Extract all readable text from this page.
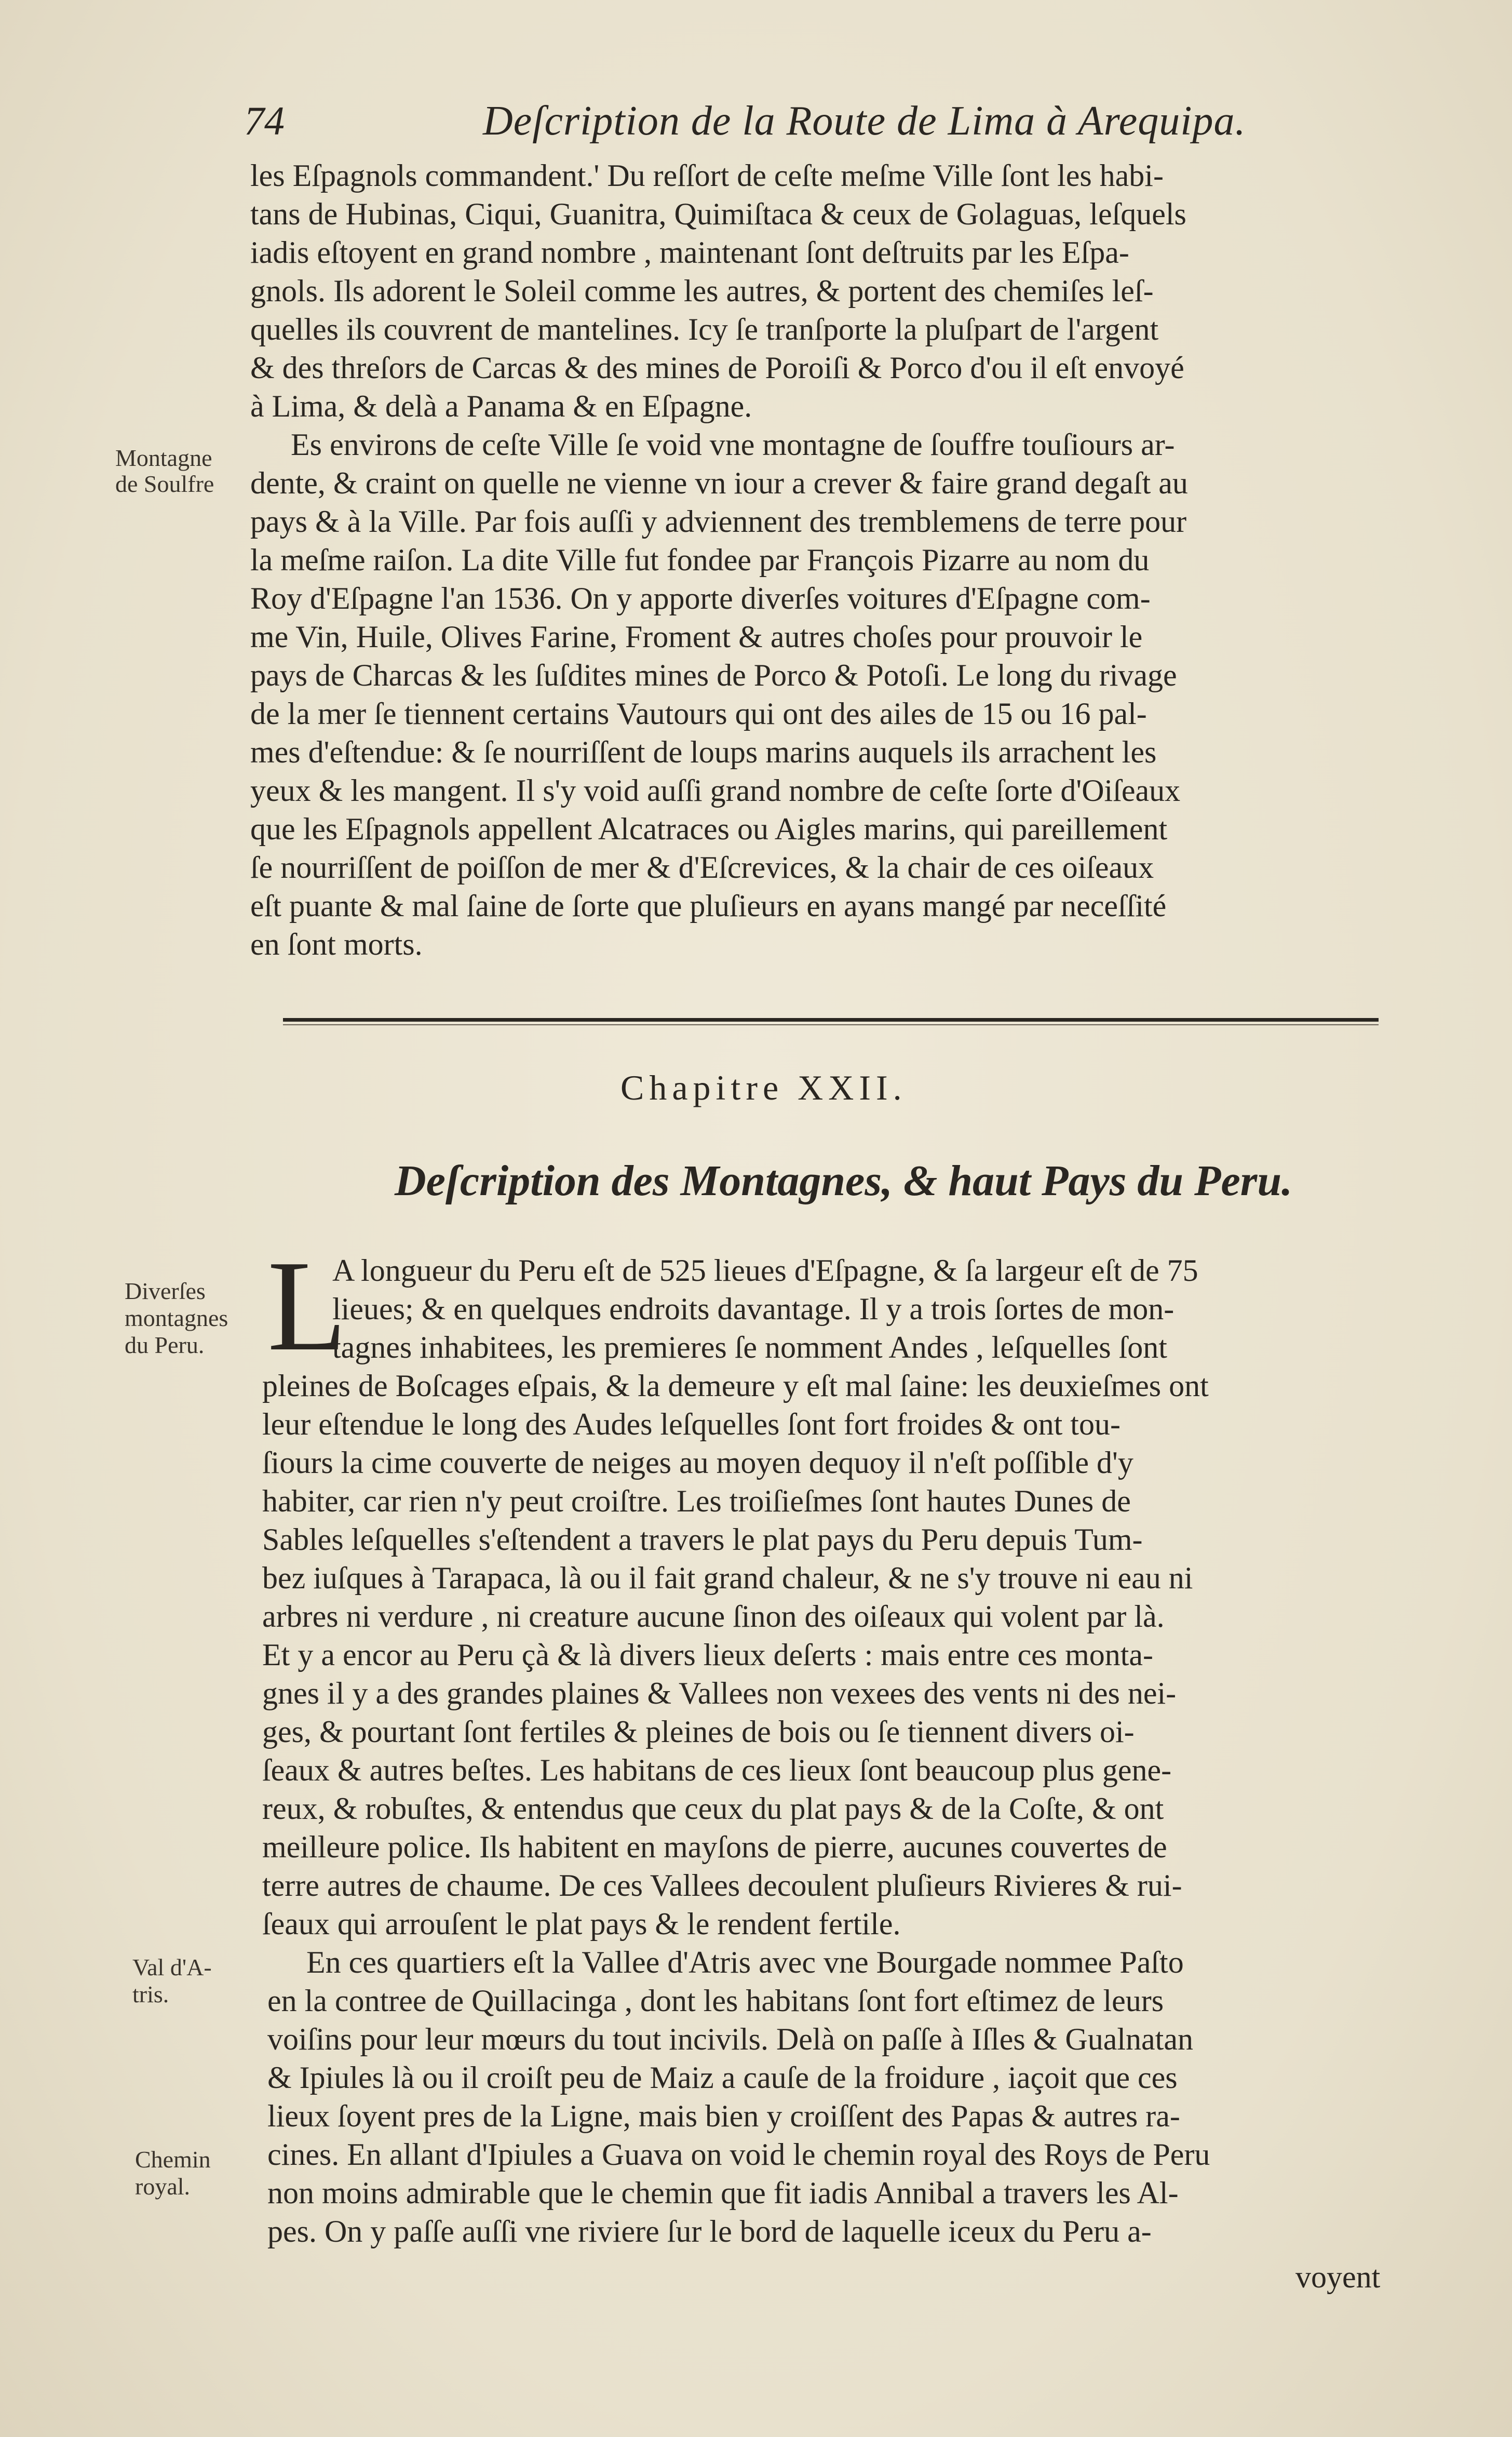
74	Deſcription de la Route de Lima à Arequipa.
les Eſpagnols commandent.' Du reſſort de ceſte meſme Ville ſont les habi-
tans de Hubinas, Ciqui, Guanitra, Quimiſtaca & ceux de Golaguas, leſquels
iadis eſtoyent en grand nombre , maintenant ſont deſtruits par les Eſpa-
gnols. Ils adorent le Soleil comme les autres, & portent des chemiſes leſ-
quelles ils couvrent de mantelines. Icy ſe tranſporte la pluſpart de l'argent
& des threſors de Carcas & des mines de Poroiſi & Porco d'ou il eſt envoyé
à Lima, & delà a Panama & en Eſpagne.
Es environs de ceſte Ville ſe void vne montagne de ſouffre touſiours ar-
dente, & craint on quelle ne vienne vn iour a crever & faire grand degaſt au
pays & à la Ville. Par fois auſſi y adviennent des tremblemens de terre pour
la meſme raiſon. La dite Ville fut fondee par François Pizarre au nom du
Roy d'Eſpagne l'an 1536. On y apporte diverſes voitures d'Eſpagne com-
me Vin, Huile, Olives Farine, Froment & autres choſes pour prouvoir le
pays de Charcas & les ſuſdites mines de Porco & Potoſi. Le long du rivage
de la mer ſe tiennent certains Vautours qui ont des ailes de 15 ou 16 pal-
mes d'eſtendue: & ſe nourriſſent de loups marins auquels ils arrachent les
yeux & les mangent. Il s'y void auſſi grand nombre de ceſte ſorte d'Oiſeaux
que les Eſpagnols appellent Alcatraces ou Aigles marins, qui pareillement
ſe nourriſſent de poiſſon de mer & d'Eſcrevices, & la chair de ces oiſeaux
eſt puante & mal ſaine de ſorte que pluſieurs en ayans mangé par neceſſité
en ſont morts.
Montagne
de Soulfre
Chapitre XXII.
Deſcription des Montagnes, & haut Pays du Peru.
L
A longueur du Peru eſt de 525 lieues d'Eſpagne, & ſa largeur eſt de 75
lieues; & en quelques endroits davantage. Il y a trois ſortes de mon-
tagnes inhabitees, les premieres ſe nomment Andes , leſquelles ſont
pleines de Boſcages eſpais, & la demeure y eſt mal ſaine: les deuxieſmes ont
leur eſtendue le long des Audes leſquelles ſont fort froides & ont tou-
ſiours la cime couverte de neiges au moyen dequoy il n'eſt poſſible d'y
habiter, car rien n'y peut croiſtre. Les troiſieſmes ſont hautes Dunes de
Sables leſquelles s'eſtendent a travers le plat pays du Peru depuis Tum-
bez iuſques à Tarapaca, là ou il fait grand chaleur, & ne s'y trouve ni eau ni
arbres ni verdure , ni creature aucune ſinon des oiſeaux qui volent par là.
Et y a encor au Peru çà & là divers lieux deſerts : mais entre ces monta-
gnes il y a des grandes plaines & Vallees non vexees des vents ni des nei-
ges, & pourtant ſont fertiles & pleines de bois ou ſe tiennent divers oi-
ſeaux & autres beſtes. Les habitans de ces lieux ſont beaucoup plus gene-
reux, & robuſtes, & entendus que ceux du plat pays & de la Coſte, & ont
meilleure police. Ils habitent en mayſons de pierre, aucunes couvertes de
terre autres de chaume. De ces Vallees decoulent pluſieurs Rivieres & rui-
ſeaux qui arrouſent le plat pays & le rendent fertile.
En ces quartiers eſt la Vallee d'Atris avec vne Bourgade nommee Paſto
en la contree de Quillacinga , dont les habitans ſont fort eſtimez de leurs
voiſins pour leur mœurs du tout incivils. Delà on paſſe à Iſles & Gualnatan
& Ipiules là ou il croiſt peu de Maiz a cauſe de la froidure , iaçoit que ces
lieux ſoyent pres de la Ligne, mais bien y croiſſent des Papas & autres ra-
cines. En allant d'Ipiules a Guava on void le chemin royal des Roys de Peru
non moins admirable que le chemin que fit iadis Annibal a travers les Al-
pes. On y paſſe auſſi vne riviere ſur le bord de laquelle iceux du Peru a-
Diverſes
montagnes
du Peru.
Val d'A-
tris.
Chemin
royal.
voyent
